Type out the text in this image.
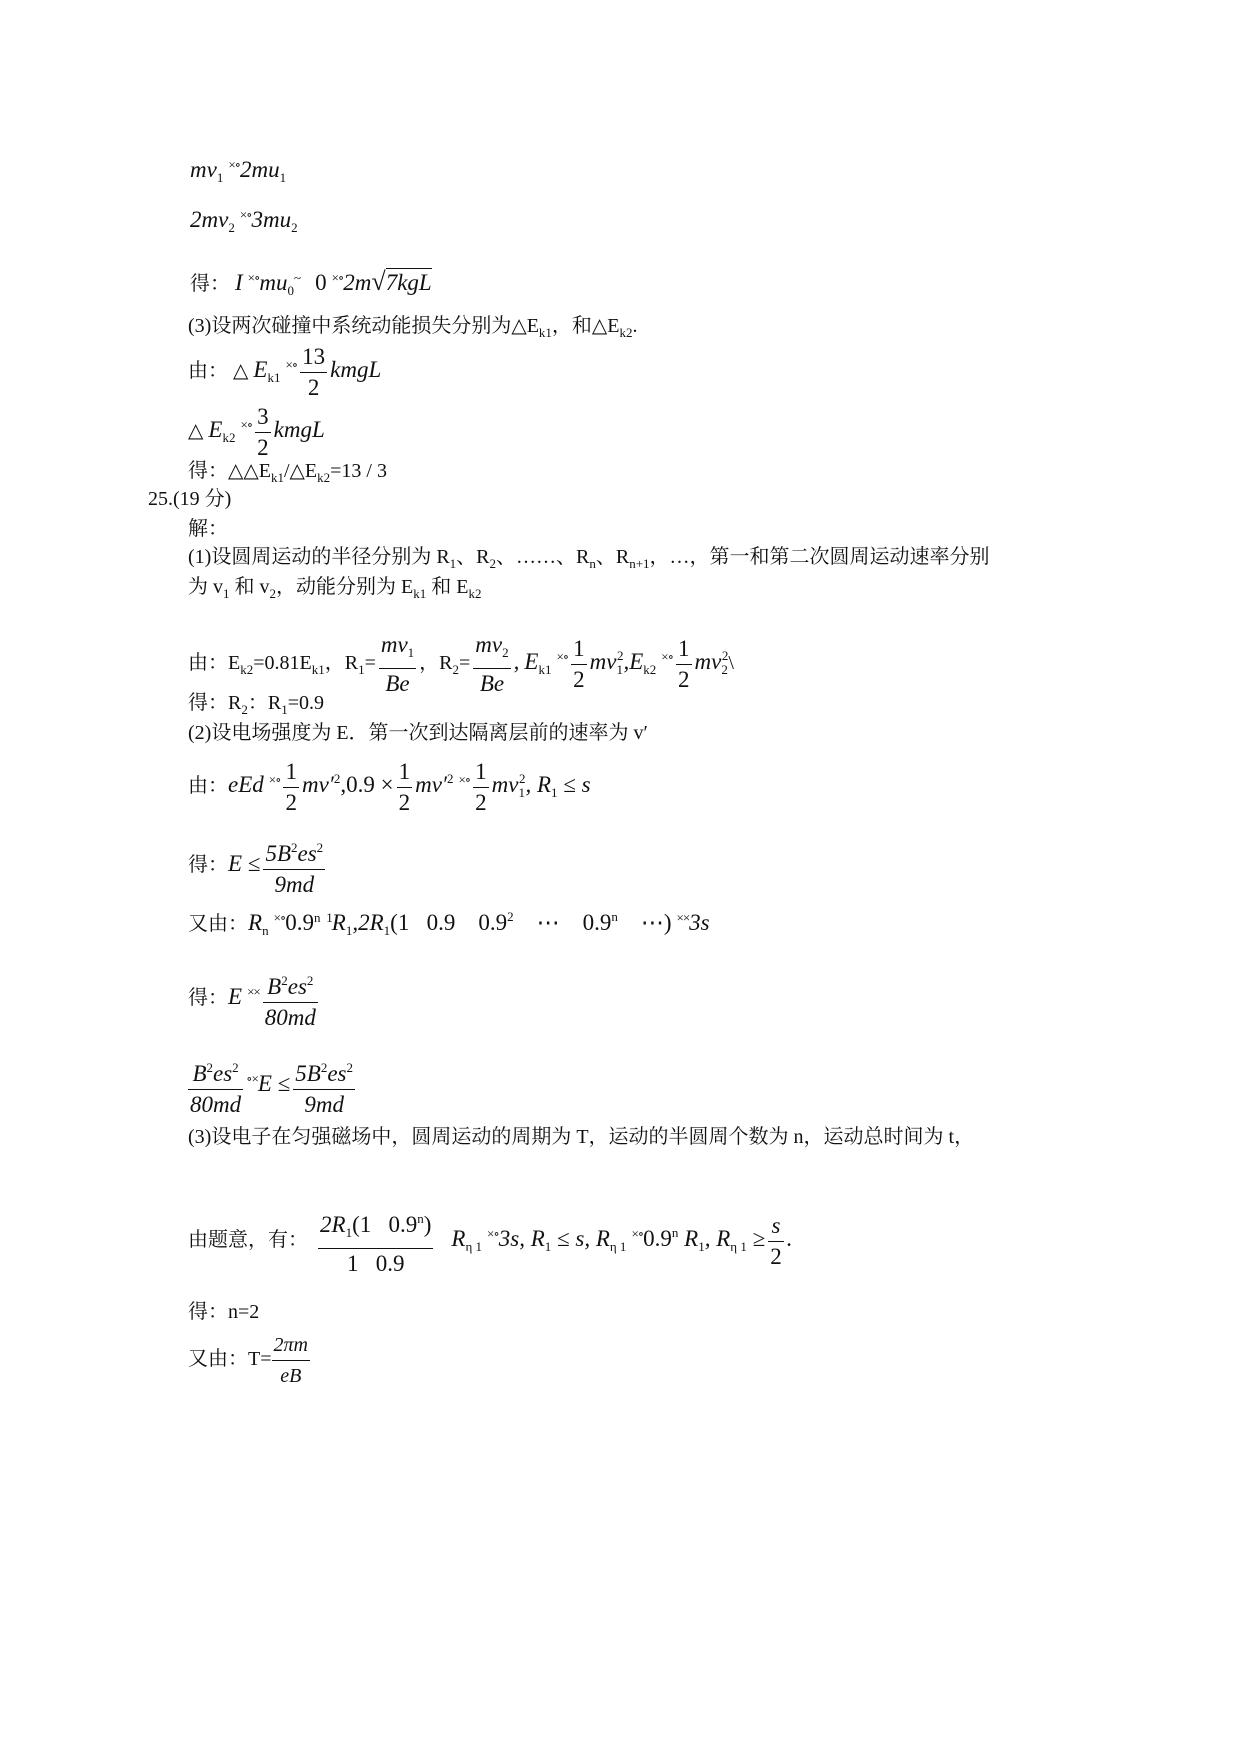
$mv_1$ $^{\times\circ}2mu_1$
$2mv_2$ $^{\times\circ}3mu_2$
得： I $^{\times\circ}mu_0^\sim$ 0 ×∘2m√7kgL
(3)设两次碰撞中系统动能损失分别为$\triangle E_{k1}$，和$\triangle E_{k2}$.
由： △ $E_{k1}$ $^{\times\circ} \frac{13}{2}$ kmgL
△ $E_{k2}$ $^{\times\circ} \frac{3}{2}$ kmgL
得：$\triangle\triangle E_{k1}/\triangle E_{k2}=13 / 3$
25.(19 分)
解：
(1)设圆周运动的半径分别为 $R_1$、$R_2$、……、$R_n$、$R_{n+1}$，…，第一和第二次圆周运动速率分别
为 $v_1$ 和 $v_2$，动能分别为 $E_{k1}$ 和 $E_{k2}$
由：$E_{k2}=0.81E_{k1}$，$R_1= \frac{mv_1}{Be}$ ，$R_2= \frac{mv_2}{Be}$ , $E_{k1}$ $^{\times\circ} \frac{1}{2} mv_1^2,E_{k2}$ $^{\times\circ} \frac{1}{2}$ $mv_2^2\backslash$
得：$R_2$：$R_1=0.9$
(2)设电场强度为 E．第一次到达隔离层前的速率为 v′
由：eEd $^{\times\circ} \frac{1}{2} mv'^2,0.9 \times \frac{1}{2} mv'^2$ $^{\times\circ} \frac{1}{2} mv_1^2$, $R_1 \le s$
得：$E \le \frac{5B^2es^2}{9md}$
又由：$R_n$ $^{\times\circ}0.9^{n 1}R_1,2R_1(1$   0.9    $0.9^2$    ⋯    0.9$^n$    ⋯) ××3s
得：E $^{\times\times} \frac{B^2es^2}{80md}$
$\frac{B^2es^2}{80md} ^{\circ\times}E \le \frac{5B^2es^2}{9md}$
(3)设电子在匀强磁场中，圆周运动的周期为 T，运动的半圆周个数为 n，运动总时间为 t，
由题意，有： $\frac{2R_1(1 0.9^n)}{1 0.9} R_{\eta 1}$ ×∘3s, $R_1 \le s$, $R_{\eta 1}$ ×∘0.9$^n$ $R_1$, $R_{\eta 1} \ge \frac{s}{2}$ .
得：n=2
又由：$T= \frac{2\pi m}{eB}$
